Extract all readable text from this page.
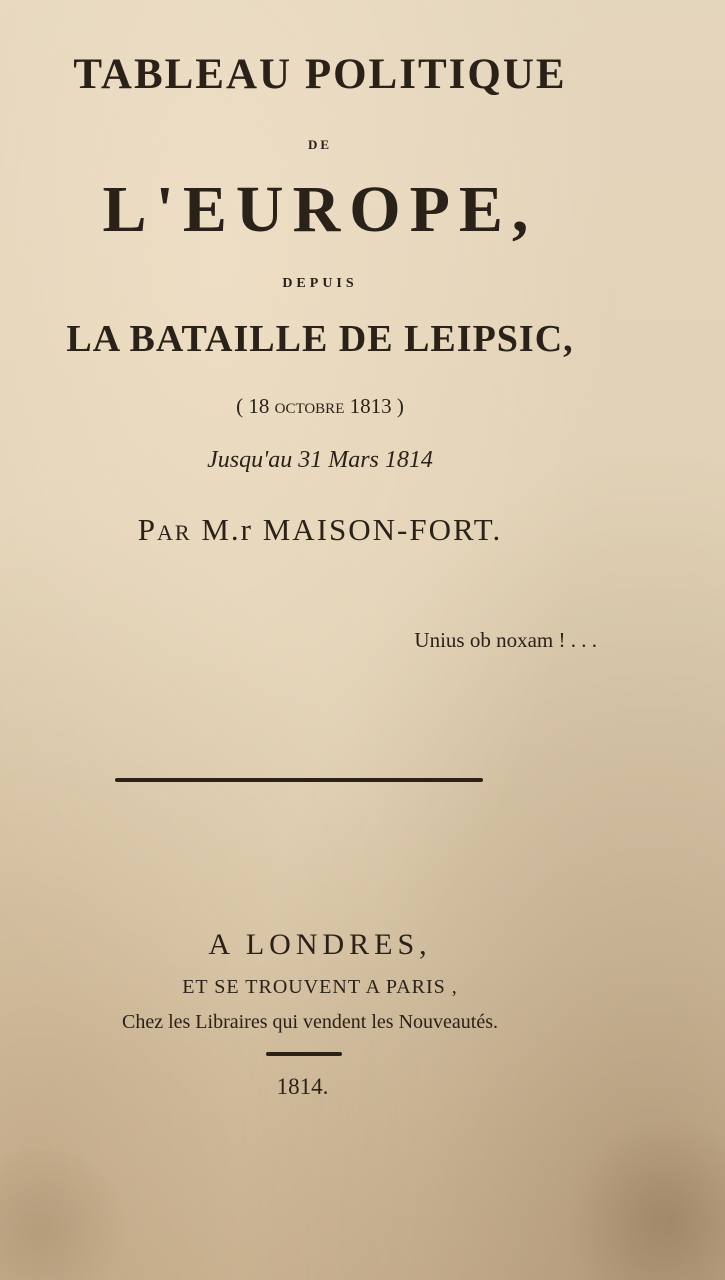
TABLEAU POLITIQUE
DE
L'EUROPE,
DEPUIS
LA BATAILLE DE LEIPSIC,
( 18 octobre 1813 )
Jusqu'au 31 Mars 1814
Par M.r MAISON-FORT.
Unius ob noxam ! . . .
A LONDRES,
ET SE TROUVENT A PARIS ,
Chez les Libraires qui vendent les Nouveautés.
1814.
